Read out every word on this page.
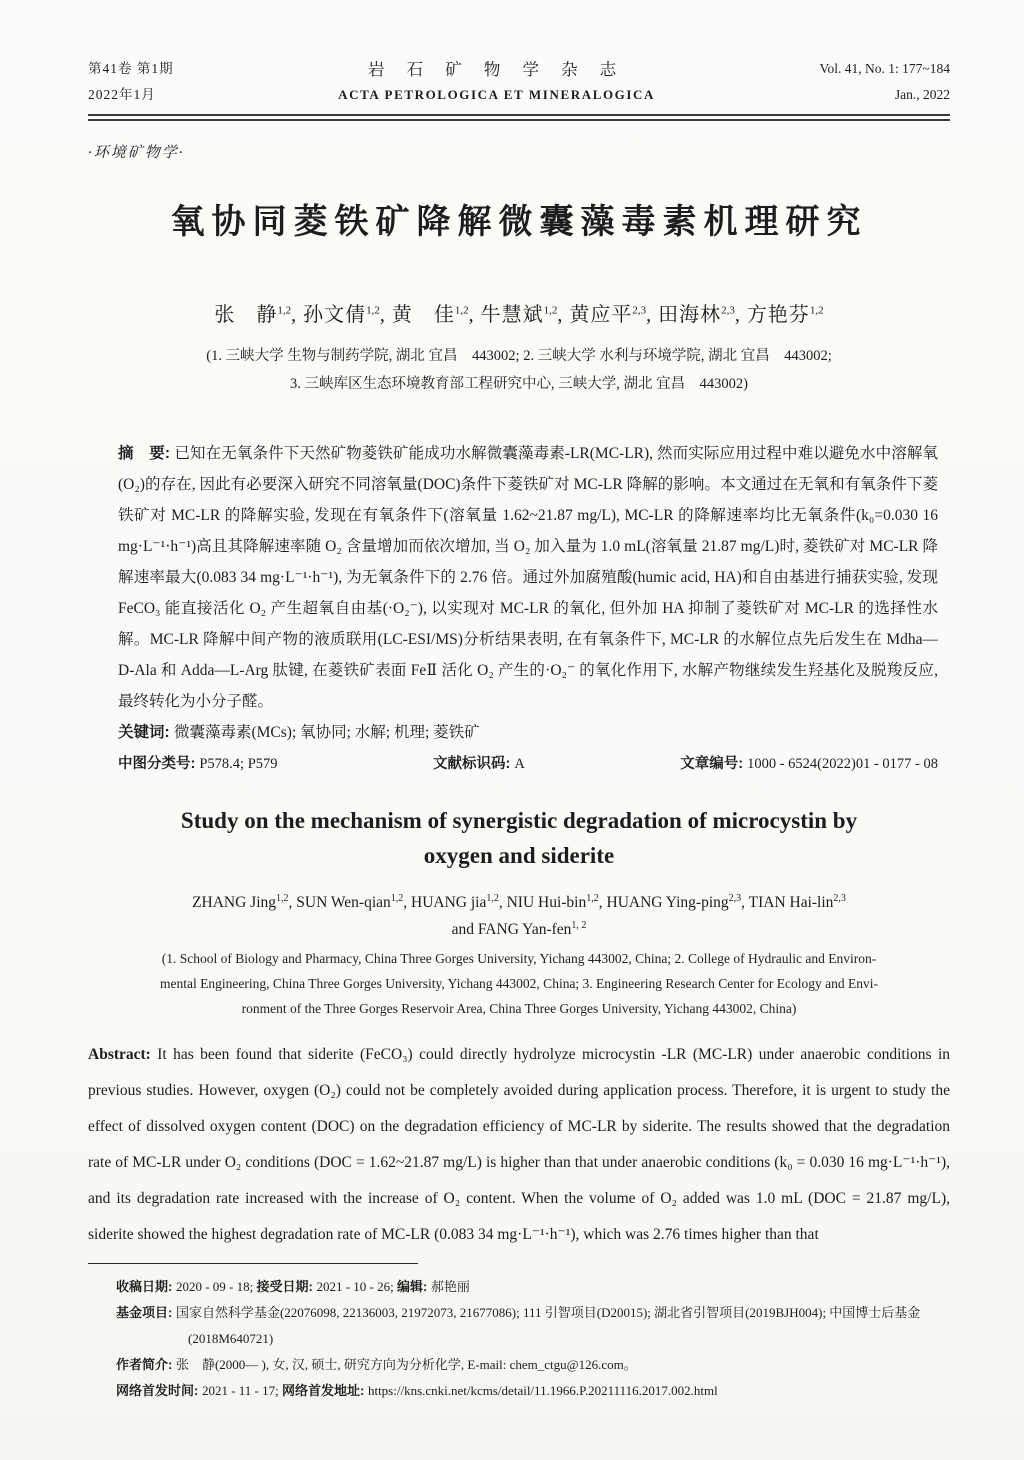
第41卷 第1期
2022年1月
岩 石 矿 物 学 杂 志
ACTA PETROLOGICA ET MINERALOGICA
Vol. 41, No. 1: 177~184
Jan., 2022
·环境矿物学·
氧协同菱铁矿降解微囊藻毒素机理研究
张　静$^{1,2}$, 孙文倩$^{1,2}$, 黄　佳$^{1,2}$, 牛慧斌$^{1,2}$, 黄应平$^{2,3}$, 田海林$^{2,3}$, 方艳芬$^{1,2}$
(1. 三峡大学 生物与制药学院, 湖北 宜昌　443002; 2. 三峡大学 水利与环境学院, 湖北 宜昌　443002;
3. 三峡库区生态环境教育部工程研究中心, 三峡大学, 湖北 宜昌　443002)

摘　要: 已知在无氧条件下天然矿物菱铁矿能成功水解微囊藻毒素-LR(MC-LR), 然而实际应用过程中难以避免水中溶解氧(O₂)的存在, 因此有必要深入研究不同溶氧量(DOC)条件下菱铁矿对 MC-LR 降解的影响。本文通过在无氧和有氧条件下菱铁矿对 MC-LR 的降解实验, 发现在有氧条件下(溶氧量 1.62~21.87 mg/L), MC-LR 的降解速率均比无氧条件(k₀=0.030 16 mg·L⁻¹·h⁻¹)高且其降解速率随 O₂ 含量增加而依次增加, 当 O₂ 加入量为 1.0 mL(溶氧量 21.87 mg/L)时, 菱铁矿对 MC-LR 降解速率最大(0.083 34 mg·L⁻¹·h⁻¹), 为无氧条件下的 2.76 倍。通过外加腐殖酸(humic acid, HA)和自由基进行捕获实验, 发现 FeCO₃ 能直接活化 O₂ 产生超氧自由基(·O₂⁻), 以实现对 MC-LR 的氧化, 但外加 HA 抑制了菱铁矿对 MC-LR 的选择性水解。MC-LR 降解中间产物的液质联用(LC-ESI/MS)分析结果表明, 在有氧条件下, MC-LR 的水解位点先后发生在 Mdha—D-Ala 和 Adda—L-Arg 肽键, 在菱铁矿表面 FeⅡ 活化 O₂ 产生的·O₂⁻ 的氧化作用下, 水解产物继续发生羟基化及脱羧反应, 最终转化为小分子醛。

关键词: 微囊藻毒素(MCs); 氧协同; 水解; 机理; 菱铁矿

中图分类号: P578.4; P579	文献标识码: A	文章编号: 1000 - 6524(2022)01 - 0177 - 08
Study on the mechanism of synergistic degradation of microcystin by
oxygen and siderite
ZHANG Jing$^{1,2}$, SUN Wen-qian$^{1,2}$, HUANG jia$^{1,2}$, NIU Hui-bin$^{1,2}$, HUANG Ying-ping$^{2,3}$, TIAN Hai-lin$^{2,3}$
and FANG Yan-fen$^{1, 2}$
(1. School of Biology and Pharmacy, China Three Gorges University, Yichang 443002, China; 2. College of Hydraulic and Environ-
mental Engineering, China Three Gorges University, Yichang 443002, China; 3. Engineering Research Center for Ecology and Envi-
ronment of the Three Gorges Reservoir Area, China Three Gorges University, Yichang 443002, China)

Abstract: It has been found that siderite (FeCO₃) could directly hydrolyze microcystin -LR (MC-LR) under anaerobic conditions in previous studies. However, oxygen (O₂) could not be completely avoided during application process. Therefore, it is urgent to study the effect of dissolved oxygen content (DOC) on the degradation efficiency of MC-LR by siderite. The results showed that the degradation rate of MC-LR under O₂ conditions (DOC = 1.62~21.87 mg/L) is higher than that under anaerobic conditions (k₀ = 0.030 16 mg·L⁻¹·h⁻¹), and its degradation rate increased with the increase of O₂ content. When the volume of O₂ added was 1.0 mL (DOC = 21.87 mg/L), siderite showed the highest degradation rate of MC-LR (0.083 34 mg·L⁻¹·h⁻¹), which was 2.76 times higher than that

收稿日期: 2020 - 09 - 18; 接受日期: 2021 - 10 - 26; 编辑: 郝艳丽

基金项目: 国家自然科学基金(22076098, 22136003, 21972073, 21677086); 111 引智项目(D20015); 湖北省引智项目(2019BJH004); 中国博士后基金(2018M640721)

作者简介: 张　静(2000— ), 女, 汉, 硕士, 研究方向为分析化学, E-mail: chem_ctgu@126.com。

网络首发时间: 2021 - 11 - 17; 网络首发地址: https://kns.cnki.net/kcms/detail/11.1966.P.20211116.2017.002.html
